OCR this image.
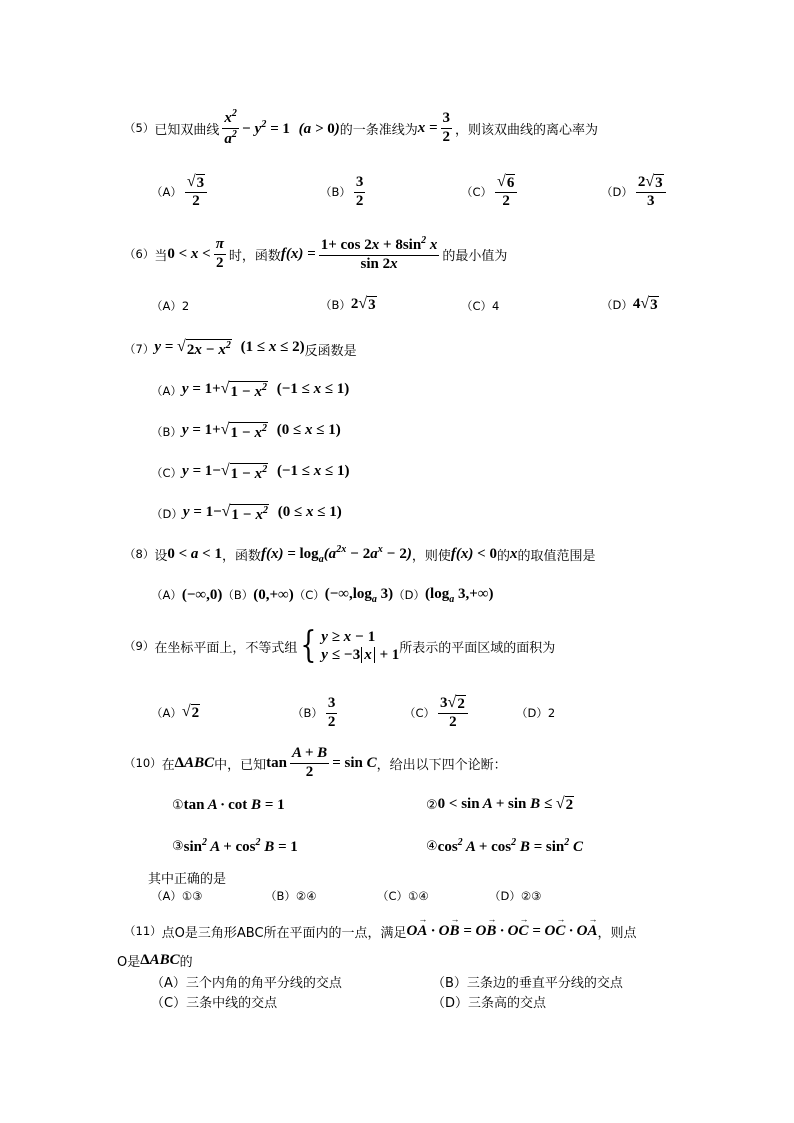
（5） 已知双曲线 $\frac{x^2}{a^2} - y^2 = 1$ (a > 0) 的一条准线为 $x = \frac{3}{2}$ ，则该双曲线的离心率为
$(A) \frac{√ 3}{2}$	$(B) \frac{3}{2}$	$(C) \frac{√ 6}{2}$	$(D) \frac{2 √ 3}{3}$
（6） 当 $0 < x < \frac{\pi}{2}$ 时，函数 $f(x) = \frac{1+ \cos 2x + 8\sin^2 x}{\sin 2x}$ 的最小值为
（A）2	（B） 2 √ 3	（C）4	（D） 4 √ 3
（7） y = √ $2x - x^2$ (1 ≤ x ≤ 2) 反函数是
（A） y = 1+ √ $1 - x^2$ (−1 ≤ x ≤ 1)
（B） y = 1+ √ $1 - x^2$ (0 ≤ x ≤ 1)
（C） y = 1− √ $1 - x^2$ (−1 ≤ x ≤ 1)
（D） y = 1− √ $1 - x^2$ (0 ≤ x ≤ 1)
（8） 设 0 < a < 1 ，函数 $f(x) = \log_a(a^{2x} - 2a^x - 2)$ ，则使 f(x) < 0 的 x 的取值范围是
（A） (−∞,0) （B） (0,+∞) （C） ($-\infty,\log_a$ 3) （D） ($\log_a$ 3,+∞)
（9） 在坐标平面上，不等式组 { y ≥ x − 1
y ≤ −3 x + 1 所表示的平面区域的面积为
（A） √ 2	$(B) \frac{3}{2}$	$(C) \frac{3 √ 2}{2}$	（D）2
（10） 在 ΔABC 中，已知 $\tan \frac{A + B}{2} = \sin C$ ，给出以下四个论断：
① tan A · cot B = 1	② 0 < sin A + sin B ≤ √ 2
③ $\sin^2 A + \cos^2 B = 1$	④ $\cos^2 A + \cos^2 B = \sin^2 C$
其中正确的是
（A）①③	（B）②④	（C）①④	（D）②③
（11） 点O是三角形ABC所在平面内的一点，满足 OA → · OB → = OB → · OC → = OC → · OA → ，则点
O是 ΔABC 的
（A）三个内角的角平分线的交点	（B）三条边的垂直平分线的交点
（C）三条中线的交点	（D）三条高的交点
